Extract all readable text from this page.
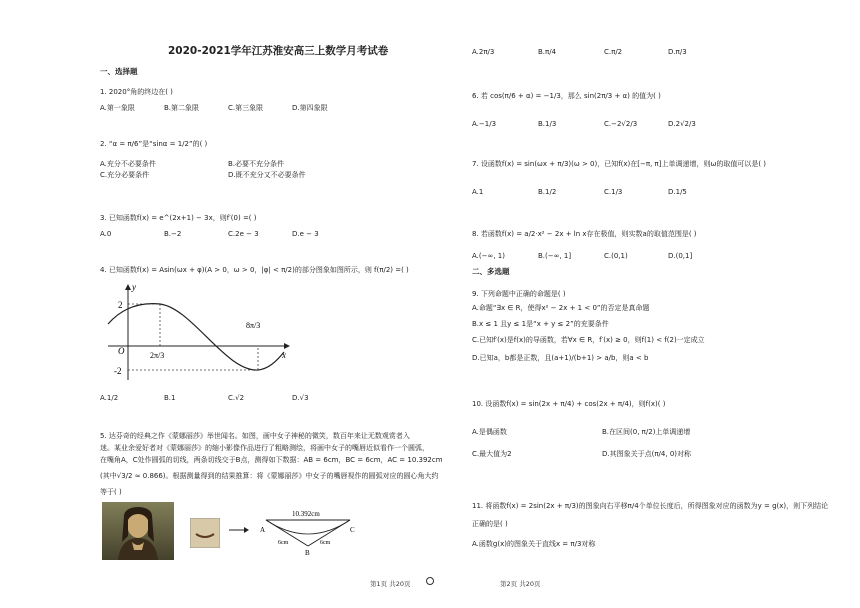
2020-2021学年江苏淮安高三上数学月考试卷
一、选择题
1. 2020°角的终边在( )
A.第一象限	B.第二象限	C.第三象限	D.第四象限
2. “α = π/6”是“sinα = 1/2”的( )
A.充分不必要条件	B.必要不充分条件
C.充分必要条件	D.既不充分又不必要条件
3. 已知函数f(x) = e^(2x+1) − 3x，则f′(0) =( )
A.0	B.−2	C.2e − 3	D.e − 3
4. 已知函数f(x) = Asin(ωx + φ)(A > 0，ω > 0，|φ| < π/2)的部分图象如图所示，则 f(π/2) =( )
y
x
O
2
-2
2π/3
8π/3
A.1/2	B.1	C.√2	D.√3
5. 达芬奇的经典之作《蒙娜丽莎》举世闻名。如图，画中女子神秘的微笑，数百年来让无数观赏者入
迷。某业余爱好者对《蒙娜丽莎》的缩小影像作品进行了粗略测绘，将画中女子的嘴唇近似看作一个圆弧，
在嘴角A，C处作圆弧的切线，两条切线交于B点，测得如下数据：AB = 6cm，BC = 6cm，AC = 10.392cm
(其中√3/2 ≈ 0.866)。根据测量得到的结果推算：将《蒙娜丽莎》中女子的嘴唇视作的圆弧对应的圆心角大约
等于( )
10.392cm
A
B
C
6cm	6cm
第1页 共20页
A.2π/3	B.π/4	C.π/2	D.π/3
6. 若 cos(π/6 + α) = −1/3，那么 sin(2π/3 + α) 的值为( )
A.−1/3	B.1/3	C.−2√2/3	D.2√2/3
7. 设函数f(x) = sin(ωx + π/3)(ω > 0)，已知f(x)在[−π, π]上单调递增，则ω的取值可以是( )
A.1	B.1/2	C.1/3	D.1/5
8. 若函数f(x) = a/2·x² − 2x + ln x存在极值，则实数a的取值范围是( )
A.(−∞, 1)	B.(−∞, 1]	C.(0,1)	D.(0,1]
二、多选题
9. 下列命题中正确的命题是( )
A.命题“∃x ∈ R，使得x² − 2x + 1 < 0”的否定是真命题
B.x ≤ 1 且y ≤ 1是“x + y ≤ 2”的充要条件
C.已知f′(x)是f(x)的导函数，若∀x ∈ R，f′(x) ≥ 0，则f(1) < f(2)一定成立
D.已知a，b都是正数，且(a+1)/(b+1) > a/b，则a < b
10. 设函数f(x) = sin(2x + π/4) + cos(2x + π/4)，则f(x)( )
A.是偶函数	B.在区间(0, π/2)上单调递增
C.最大值为2	D.其图象关于点(π/4, 0)对称
11. 将函数f(x) = 2sin(2x + π/3)的图象向右平移π/4个单位长度后，所得图象对应的函数为y = g(x)，则下列结论
正确的是( )
A.函数g(x)的图象关于直线x = π/3对称
第2页 共20页
